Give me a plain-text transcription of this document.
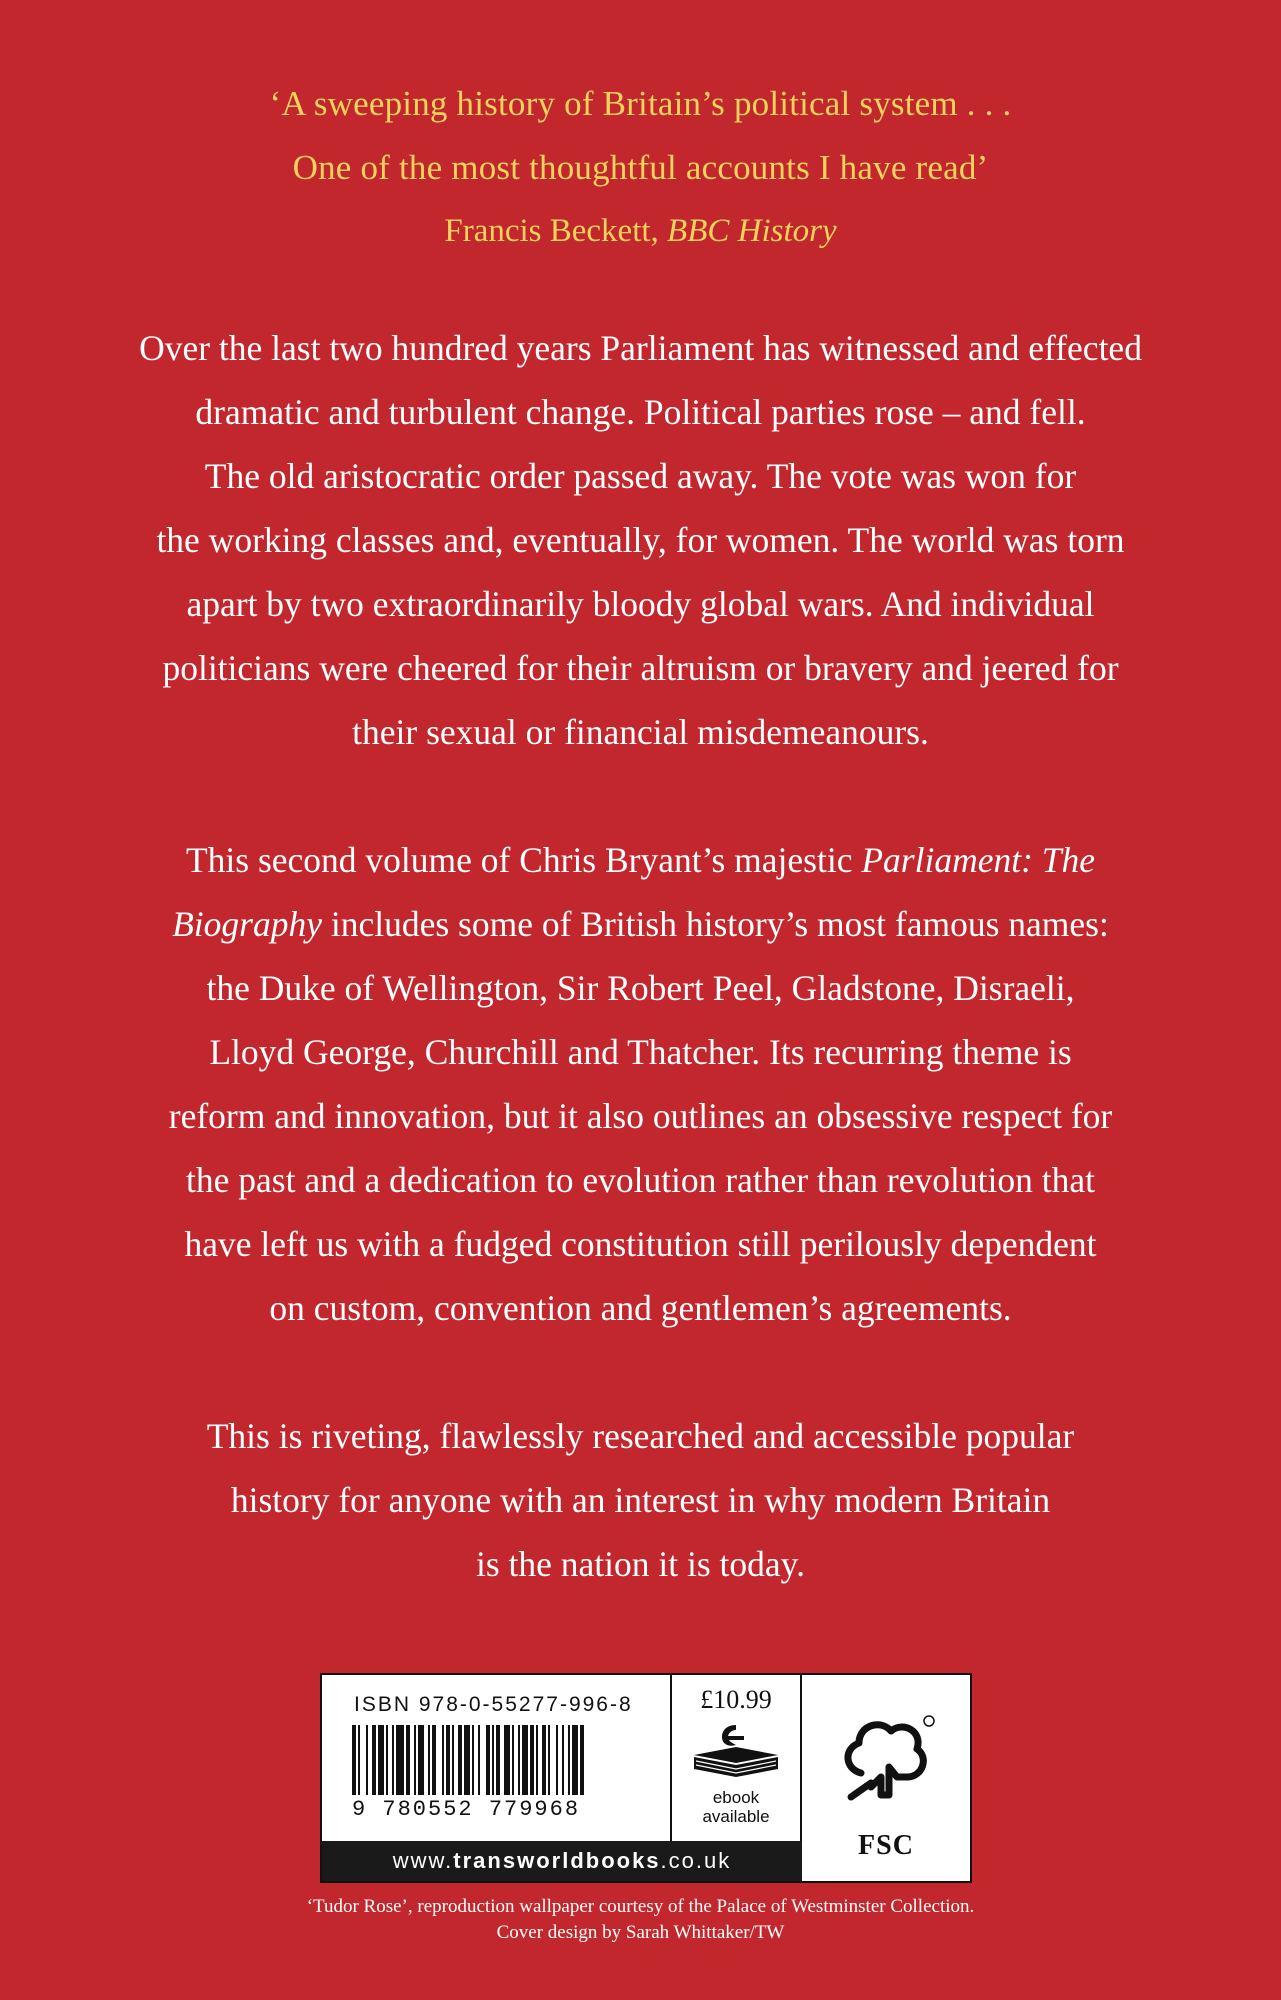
‘A sweeping history of Britain’s political system . . .
One of the most thoughtful accounts I have read’
Francis Beckett, BBC History
Over the last two hundred years Parliament has witnessed and effected
dramatic and turbulent change. Political parties rose – and fell.
The old aristocratic order passed away. The vote was won for
the working classes and, eventually, for women. The world was torn
apart by two extraordinarily bloody global wars. And individual
politicians were cheered for their altruism or bravery and jeered for
their sexual or financial misdemeanours.
This second volume of Chris Bryant’s majestic Parliament: The
Biography includes some of British history’s most famous names:
the Duke of Wellington, Sir Robert Peel, Gladstone, Disraeli,
Lloyd George, Churchill and Thatcher. Its recurring theme is
reform and innovation, but it also outlines an obsessive respect for
the past and a dedication to evolution rather than revolution that
have left us with a fudged constitution still perilously dependent
on custom, convention and gentlemen’s agreements.
This is riveting, flawlessly researched and accessible popular
history for anyone with an interest in why modern Britain
is the nation it is today.
ISBN 978-0-55277-996-8
9 780552 779968
£10.99
ebook
available
FSC
www.transworldbooks.co.uk
‘Tudor Rose’, reproduction wallpaper courtesy of the Palace of Westminster Collection.
Cover design by Sarah Whittaker/TW
